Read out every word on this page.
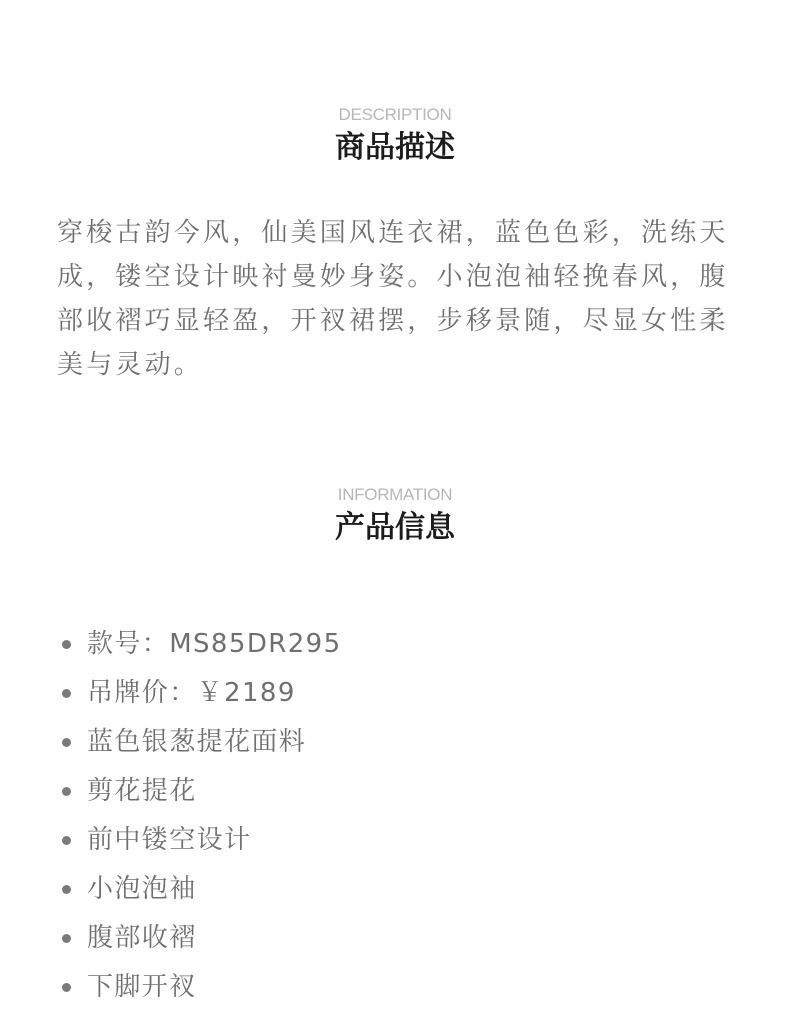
DESCRIPTION
商品描述

穿梭古韵今风，仙美国风连衣裙，蓝色色彩，洗练天成，镂空设计映衬曼妙身姿。小泡泡袖轻挽春风，腹部收褶巧显轻盈，开衩裙摆，步移景随，尽显女性柔美与灵动。

INFORMATION
产品信息
款号：MS85DR295
吊牌价：￥2189
蓝色银葱提花面料
剪花提花
前中镂空设计
小泡泡袖
腹部收褶
下脚开衩
